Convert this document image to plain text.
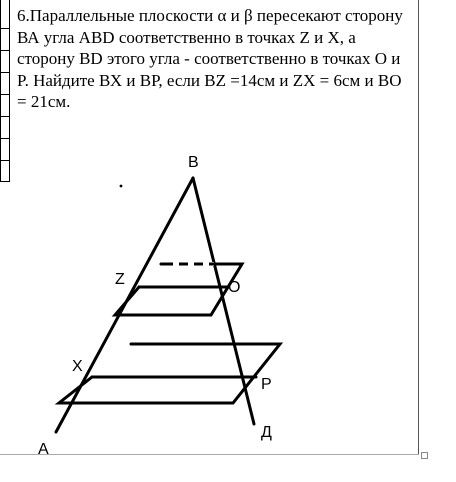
6.Параллельные плоскости α и β пересекают сторону ВА угла ABD соответственно в точках Z и X, а сторону BD этого угла - соответственно в точках O и P. Найдите ВХ и ВР, если BZ =14см и ZX = 6см и BO = 21см.

B
Z	O
X
P
A
Д
